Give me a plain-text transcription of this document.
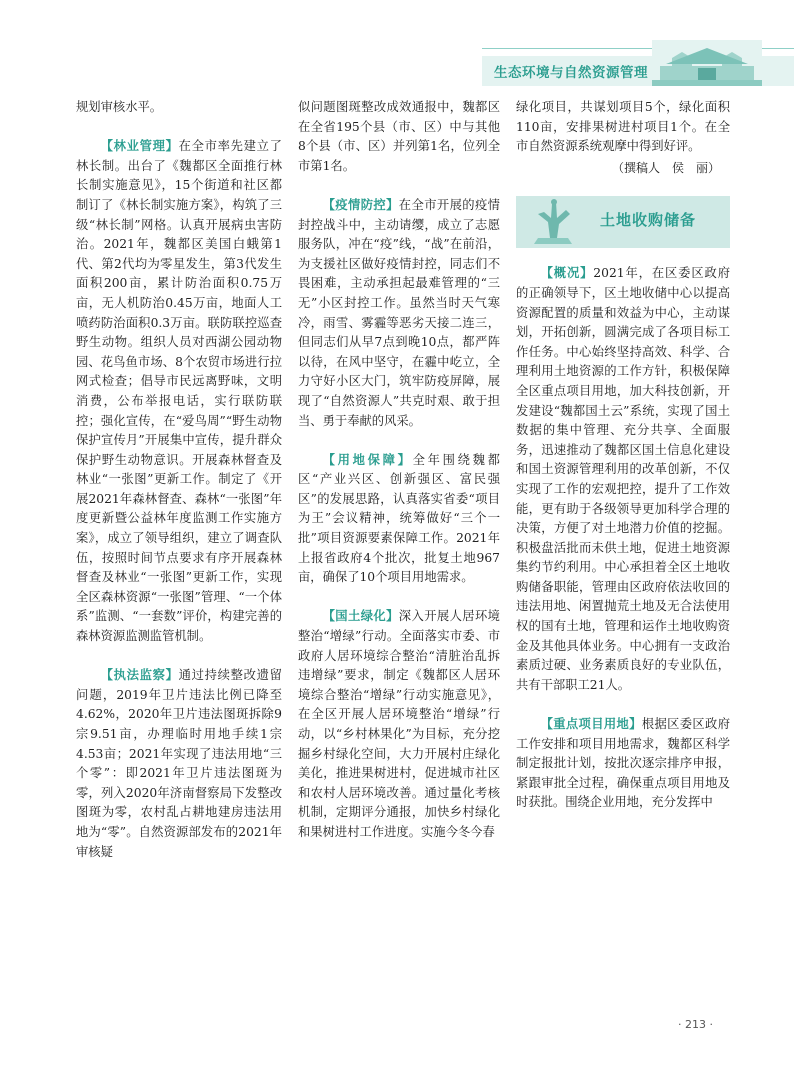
生态环境与自然资源管理

规划审核水平。

【林业管理】在全市率先建立了林长制。出台了《魏都区全面推行林长制实施意见》，15个街道和社区都制订了《林长制实施方案》，构筑了三级“林长制”网格。认真开展病虫害防治。2021年，魏都区美国白蛾第1代、第2代均为零星发生，第3代发生面积200亩，累计防治面积0.75万亩，无人机防治0.45万亩，地面人工喷药防治面积0.3万亩。联防联控巡查野生动物。组织人员对西湖公园动物园、花鸟鱼市场、8个农贸市场进行拉网式检查；倡导市民远离野味，文明消费，公布举报电话，实行联防联控；强化宣传，在“爱鸟周”“野生动物保护宣传月”开展集中宣传，提升群众保护野生动物意识。开展森林督查及林业“一张图”更新工作。制定了《开展2021年森林督查、森林“一张图”年度更新暨公益林年度监测工作实施方案》，成立了领导组织，建立了调查队伍，按照时间节点要求有序开展森林督查及林业“一张图”更新工作，实现全区森林资源“一张图”管理、“一个体系”监测、“一套数”评价，构建完善的森林资源监测监管机制。

【执法监察】通过持续整改遗留问题，2019年卫片违法比例已降至4.62%，2020年卫片违法图斑拆除9宗9.51亩，办理临时用地手续1宗4.53亩；2021年实现了违法用地“三个零”：即2021年卫片违法图斑为零，列入2020年济南督察局下发整改图斑为零，农村乱占耕地建房违法用地为“零”。自然资源部发布的2021年审核疑

似问题图斑整改成效通报中，魏都区在全省195个县（市、区）中与其他8个县（市、区）并列第1名，位列全市第1名。

【疫情防控】在全市开展的疫情封控战斗中，主动请缨，成立了志愿服务队，冲在“疫”线，“战”在前沿，为支援社区做好疫情封控，同志们不畏困难，主动承担起最难管理的“三无”小区封控工作。虽然当时天气寒冷，雨雪、雾霾等恶劣天接二连三，但同志们从早7点到晚10点，都严阵以待，在风中坚守，在霾中屹立，全力守好小区大门，筑牢防疫屏障，展现了“自然资源人”共克时艰、敢于担当、勇于奉献的风采。

【用地保障】全年围绕魏都区“产业兴区、创新强区、富民强区”的发展思路，认真落实省委“项目为王”会议精神，统筹做好“三个一批”项目资源要素保障工作。2021年上报省政府4个批次，批复土地967亩，确保了10个项目用地需求。

【国土绿化】深入开展人居环境整治“增绿”行动。全面落实市委、市政府人居环境综合整治“清脏治乱拆违增绿”要求，制定《魏都区人居环境综合整治“增绿”行动实施意见》，在全区开展人居环境整治“增绿”行动，以“乡村林果化”为目标，充分挖掘乡村绿化空间，大力开展村庄绿化美化，推进果树进村，促进城市社区和农村人居环境改善。通过量化考核机制，定期评分通报，加快乡村绿化和果树进村工作进度。实施今冬今春

绿化项目，共谋划项目5个，绿化面积110亩，安排果树进村项目1个。在全市自然资源系统观摩中得到好评。

（撰稿人　侯　丽）
土地收购储备

【概况】2021年，在区委区政府的正确领导下，区土地收储中心以提高资源配置的质量和效益为中心，主动谋划，开拓创新，圆满完成了各项目标工作任务。中心始终坚持高效、科学、合理利用土地资源的工作方针，积极保障全区重点项目用地，加大科技创新，开发建设“魏都国土云”系统，实现了国土数据的集中管理、充分共享、全面服务，迅速推动了魏都区国土信息化建设和国土资源管理利用的改革创新，不仅实现了工作的宏观把控，提升了工作效能，更有助于各级领导更加科学合理的决策，方便了对土地潜力价值的挖掘。积极盘活批而未供土地，促进土地资源集约节约利用。中心承担着全区土地收购储备职能，管理由区政府依法收回的违法用地、闲置抛荒土地及无合法使用权的国有土地，管理和运作土地收购资金及其他具体业务。中心拥有一支政治素质过硬、业务素质良好的专业队伍，共有干部职工21人。

【重点项目用地】根据区委区政府工作安排和项目用地需求，魏都区科学制定报批计划，按批次逐宗排序申报，紧跟审批全过程，确保重点项目用地及时获批。围绕企业用地，充分发挥中

· 213 ·
